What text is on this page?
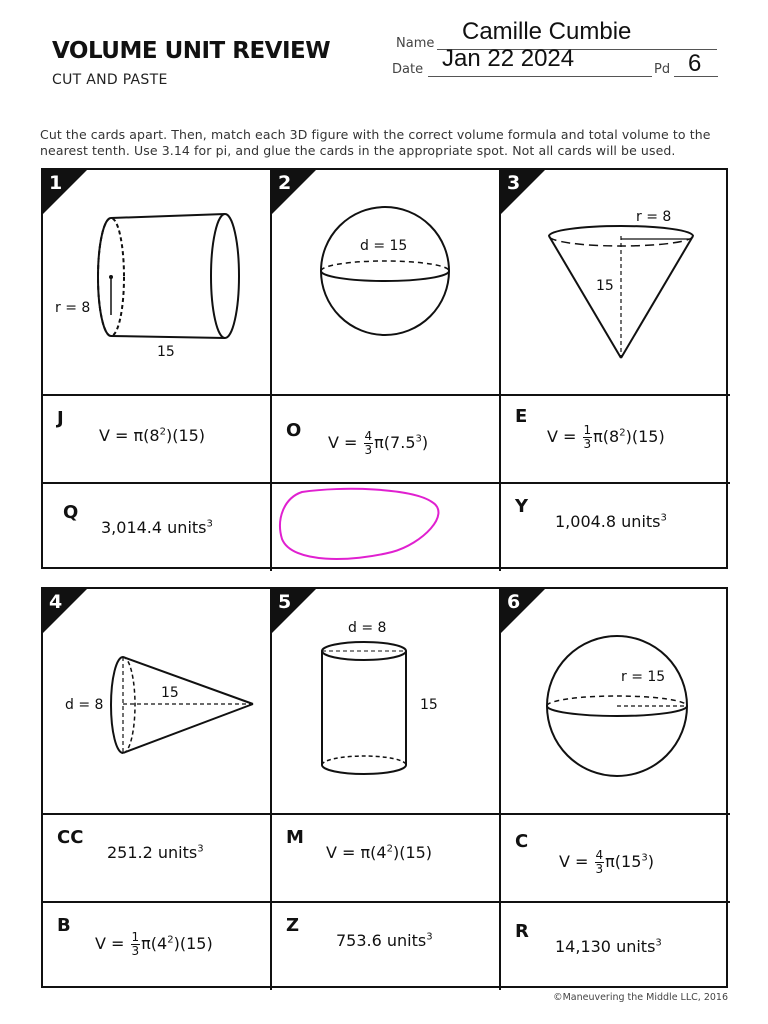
VOLUME UNIT REVIEW
CUT AND PASTE
Name Camille Cumbie
Date Jan 22 2024	Pd 6
Cut the cards apart. Then, match each 3D figure with the correct volume formula and total volume to the nearest tenth. Use 3.14 for pi, and glue the cards in the appropriate spot. Not all cards will be used.
r = 8
15
1
d = 15
2
r = 8
15
3
J
$V = \pi(8^2)(15)$	O
$V = \frac{4}{3} \pi(7.5^3)$
E
$V = \frac{1}{3} \pi(8^2)(15)$
Q
3,014.4 units$^3$
Y
1,004.8 units$^3$
d = 8
15
4
d = 8
15
5
r = 15
6
CC
251.2 units$^3$
M
$V = \pi(4^2)(15)$
C
$V = \frac{4}{3} \pi(15^3)$
B
$V = \frac{1}{3} \pi(4^2)(15)$
Z
753.6 units$^3$	R
14,130 units$^3$
©Maneuvering the Middle LLC, 2016
